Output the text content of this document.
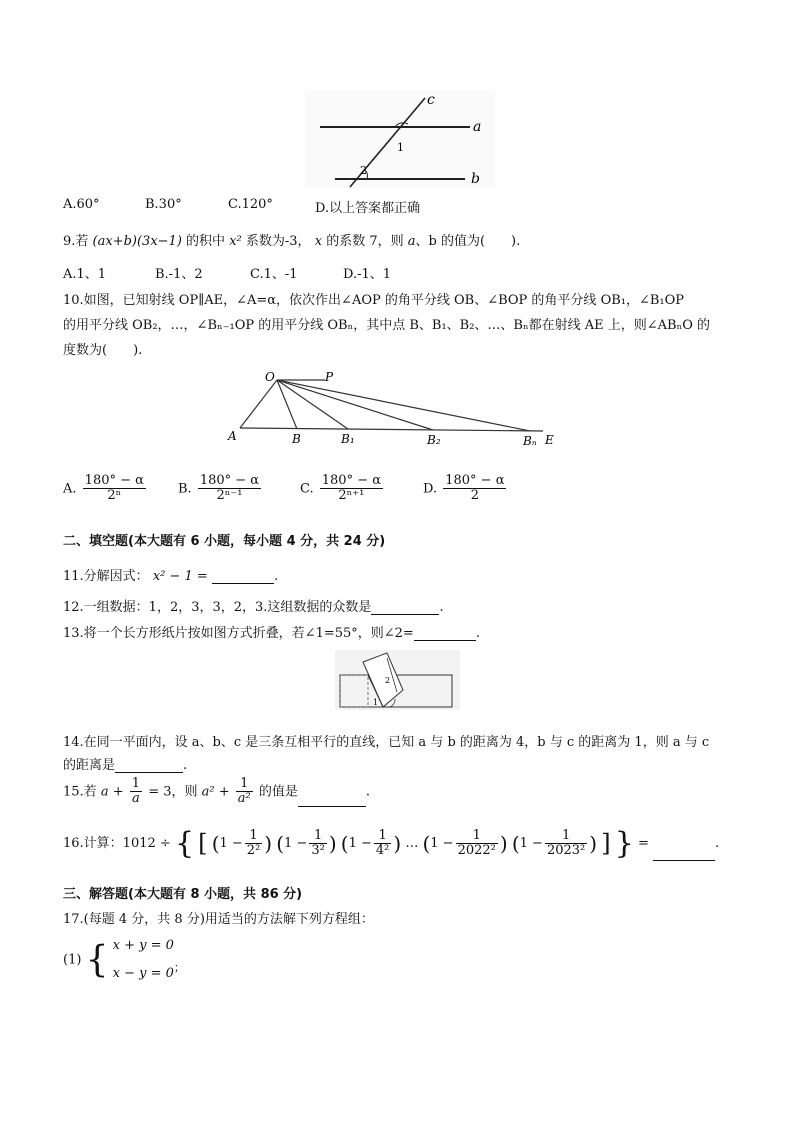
c
a
b
1
2
A.60°	B.30°	C.120°	D.以上答案都正确
9.若 (ax+b)(3x−1) 的积中 x² 系数为-3， x 的系数 7，则 a、b 的值为(　　).
A.1、1	B.-1、2	C.1、-1	D.-1、1
10.如图，已知射线 OP∥AE，∠A=α，依次作出∠AOP 的角平分线 OB、∠BOP 的角平分线 OB₁，∠B₁OP
的用平分线 OB₂，…，∠Bₙ₋₁OP 的用平分线 OBₙ，其中点 B、B₁、B₂、…、Bₙ都在射线 AE 上，则∠ABₙO 的
度数为(　　).
O	P
A	B	B₁	B₂	Bₙ E
A. $\frac{180^\circ - \alpha}{\text{2ⁿ}} B$. $\frac{180^\circ - \alpha}{\text{2ⁿ⁻¹}}$	C. $\frac{180^\circ - \alpha}{\text{2ⁿ⁺¹}}$	D. $\frac{180^\circ - \alpha}{2}$
二、填空题(本大题有 6 小题，每小题 4 分，共 24 分)
11.分解因式： x² − 1 =	.
12.一组数据：1，2，3，3，2，3.这组数据的众数是	.
13.将一个长方形纸片按如图方式折叠，若∠1=55°，则∠2=	.
1
2
14.在同一平面内，设 a、b、c 是三条互相平行的直线，已知 a 与 b 的距离为 4，b 与 c 的距离为 1，则 a 与 c
的距离是	.
15.若 $a + \frac{1}{a} = 3$，则 $a^2 + \frac{1}{\text{a²}}$ 的值是	.
16.计算：1012 ÷ { [ ($1 - \frac{1}{\text{2²}}$ ) ($1 - \frac{1}{\text{3²}}$ ) ($1 - \frac{1}{\text{4²}}$ ) … ($1 - \frac{1}{\text{2022²}}$ ) ($1 - \frac{1}{\text{2023²}}$ ) ] } =	.
三、解答题(本大题有 8 小题，共 86 分)
17.(每题 4 分，共 8 分)用适当的方法解下列方程组：
(1) { x + y = 0
x − y = 0；
